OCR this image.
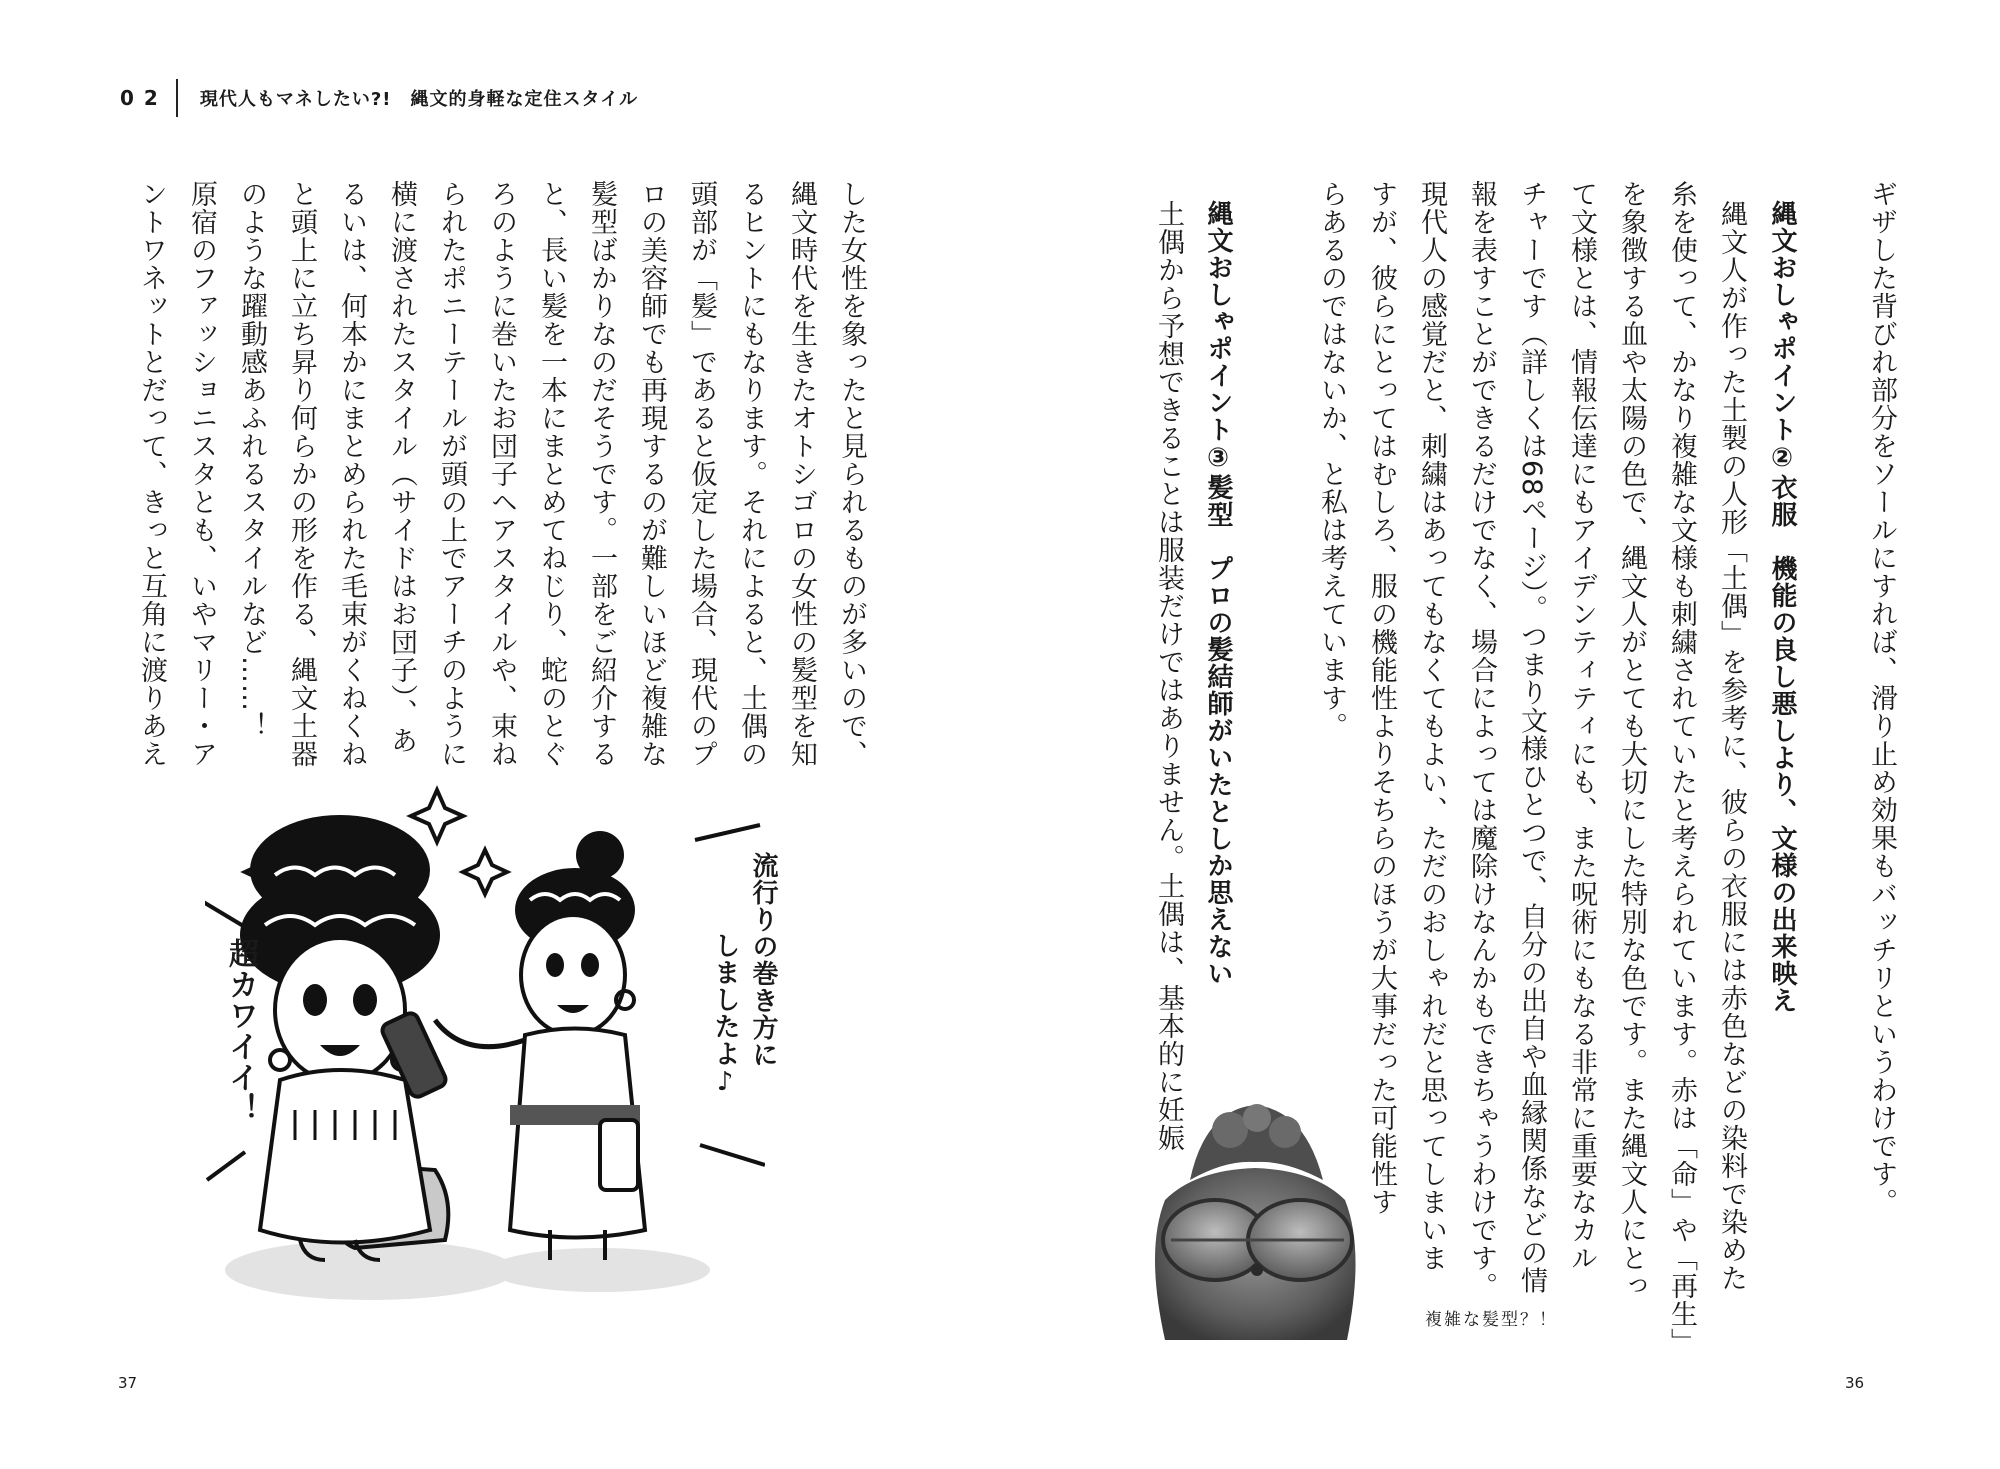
02 現代人もマネしたい?!　縄文的身軽な定住スタイル
ギザした背びれ部分をソールにすれば、滑り止め効果もバッチリというわけです。
縄文おしゃポイント②衣服　機能の良し悪しより、文様の出来映え
縄文人が作った土製の人形「土偶」を参考に、彼らの衣服には赤色などの染料で染めた
糸を使って、かなり複雑な文様も刺繍されていたと考えられています。赤は「命」や「再生」
を象徴する血や太陽の色で、縄文人がとても大切にした特別な色です。また縄文人にとっ
て文様とは、情報伝達にもアイデンティティにも、また呪術にもなる非常に重要なカル
チャーです（詳しくは68ページ）。つまり文様ひとつで、自分の出自や血縁関係などの情
報を表すことができるだけでなく、場合によっては魔除けなんかもできちゃうわけです。
現代人の感覚だと、刺繍はあってもなくてもよい、ただのおしゃれだと思ってしまいま
すが、彼らにとってはむしろ、服の機能性よりそちらのほうが大事だった可能性す
らあるのではないか、と私は考えています。
縄文おしゃポイント③髪型　プロの髪結師がいたとしか思えない
土偶から予想できることは服装だけではありません。土偶は、基本的に妊娠
複雑な髪型？！
36
した女性を象ったと見られるものが多いので、
縄文時代を生きたオトシゴロの女性の髪型を知
るヒントにもなります。それによると、土偶の
頭部が「髪」であると仮定した場合、現代のプ
ロの美容師でも再現するのが難しいほど複雑な
髪型ばかりなのだそうです。一部をご紹介する
と、長い髪を一本にまとめてねじり、蛇のとぐ
ろのように巻いたお団子ヘアスタイルや、束ね
られたポニーテールが頭の上でアーチのように
横に渡されたスタイル（サイドはお団子）、あ
るいは、何本かにまとめられた毛束がくねくね
と頭上に立ち昇り何らかの形を作る、縄文土器
のような躍動感あふれるスタイルなど……！
原宿のファッショニスタとも、いやマリー・ア
ントワネットとだって、きっと互角に渡りあえ
流行りの巻き方に
しましたよ♪
超カワイイ！
37
